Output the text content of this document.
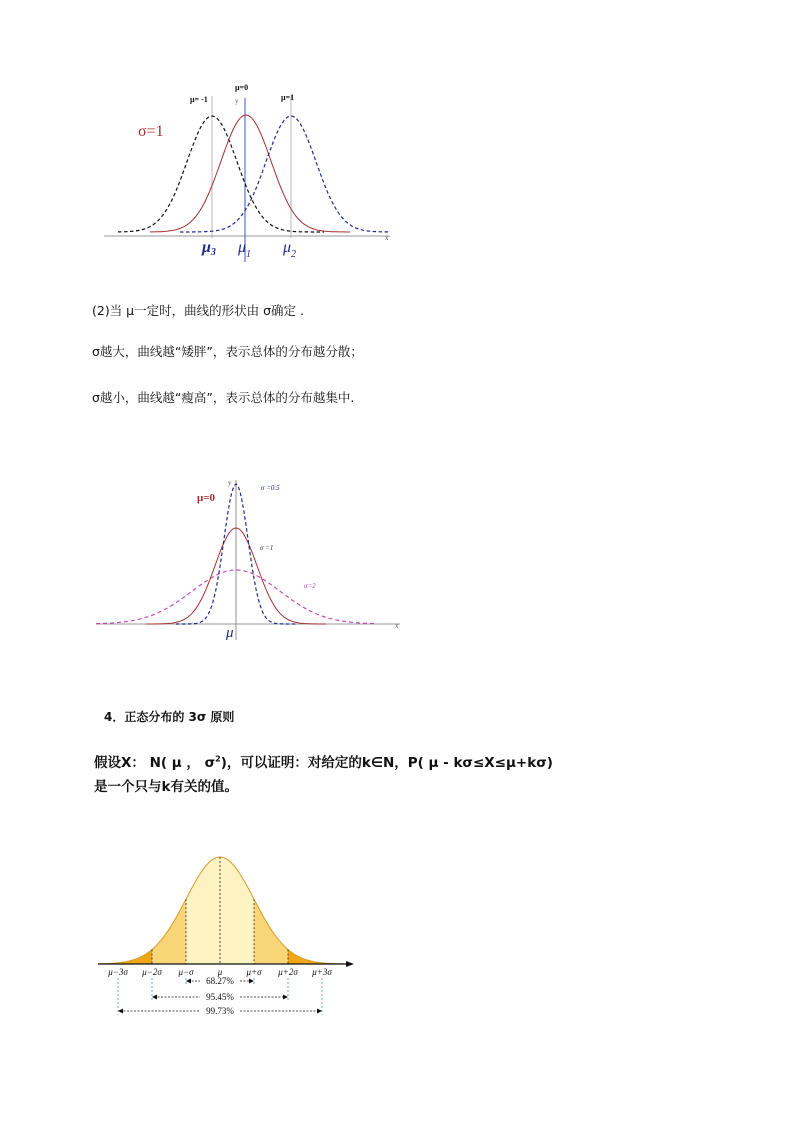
x
y
μ= -1
μ=0
μ=1
σ=1
μ3 $\mu_1$ $\mu_2$
(2)当 μ一定时，曲线的形状由 σ确定 .
σ越大，曲线越“矮胖”，表示总体的分布越分散；
σ越小，曲线越“瘦高”，表示总体的分布越集中.
x
y
μ=0
σ =0.5
σ =1
σ=2
μ
4．正态分布的 3σ 原则
假设X： N( μ ， $\sigma^2$)，可以证明：对给定的k∈N，P( μ - kσ≤X≤μ+kσ)
是一个只与k有关的值。
μ−3σ μ−2σ μ−σ	μ	μ+σ μ+2σ μ+3σ
68.27%
95.45%
99.73%
